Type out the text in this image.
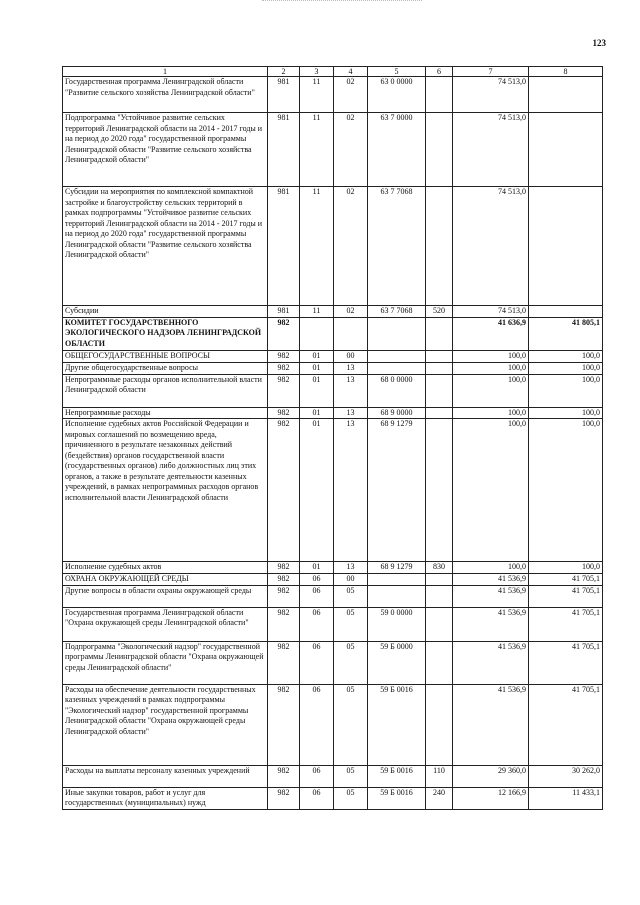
123
1	2	3	4	5	6	7	8
Государственная программа Ленинградской области "Развитие сельского хозяйства Ленинградской области"	981	11	02	63 0 0000		74 513,0	
Подпрограмма "Устойчивое развитие сельских территорий Ленинградской области на 2014 - 2017 годы и на период до 2020 года" государственной программы Ленинградской области "Развитие сельского хозяйства Ленинградской области"	981	11	02	63 7 0000		74 513,0	
Субсидии на мероприятия по комплексной компактной застройке и благоустройству сельских территорий в рамках подпрограммы "Устойчивое развитие сельских территорий Ленинградской области на 2014 - 2017 годы и на период до 2020 года" государственной программы Ленинградской области "Развитие сельского хозяйства Ленинградской области"	981	11	02	63 7 7068		74 513,0	
Субсидии	981	11	02	63 7 7068	520	74 513,0	
КОМИТЕТ ГОСУДАРСТВЕННОГО ЭКОЛОГИЧЕСКОГО НАДЗОРА ЛЕНИНГРАДСКОЙ ОБЛАСТИ	982					41 636,9	41 805,1
ОБЩЕГОСУДАРСТВЕННЫЕ ВОПРОСЫ	982	01	00			100,0	100,0
Другие общегосударственные вопросы	982	01	13			100,0	100,0
Непрограммные расходы органов исполнительной власти Ленинградской области	982	01	13	68 0 0000		100,0	100,0
Непрограммные расходы	982	01	13	68 9 0000		100,0	100,0
Исполнение судебных актов Российской Федерации и мировых соглашений по возмещению вреда, причиненного в результате незаконных действий (бездействия) органов государственной власти (государственных органов) либо должностных лиц этих органов, а также в результате деятельности казенных учреждений, в рамках непрограммных расходов органов исполнительной власти Ленинградской области	982	01	13	68 9 1279		100,0	100,0
Исполнение судебных актов	982	01	13	68 9 1279	830	100,0	100,0
ОХРАНА ОКРУЖАЮЩЕЙ СРЕДЫ	982	06	00			41 536,9	41 705,1
Другие вопросы в области охраны окружающей среды	982	06	05			41 536,9	41 705,1
Государственная программа Ленинградской области "Охрана окружающей среды Ленинградской области"	982	06	05	59 0 0000		41 536,9	41 705,1
Подпрограмма "Экологический надзор" государственной программы Ленинградской области "Охрана окружающей среды Ленинградской области"	982	06	05	59 Б 0000		41 536,9	41 705,1
Расходы на обеспечение деятельности государственных казенных учреждений в рамках подпрограммы "Экологический надзор" государственной программы Ленинградской области "Охрана окружающей среды Ленинградской области"	982	06	05	59 Б 0016		41 536,9	41 705,1
Расходы на выплаты персоналу казенных учреждений	982	06	05	59 Б 0016	110	29 360,0	30 262,0
Иные закупки товаров, работ и услуг для государственных (муниципальных) нужд	982	06	05	59 Б 0016	240	12 166,9	11 433,1
